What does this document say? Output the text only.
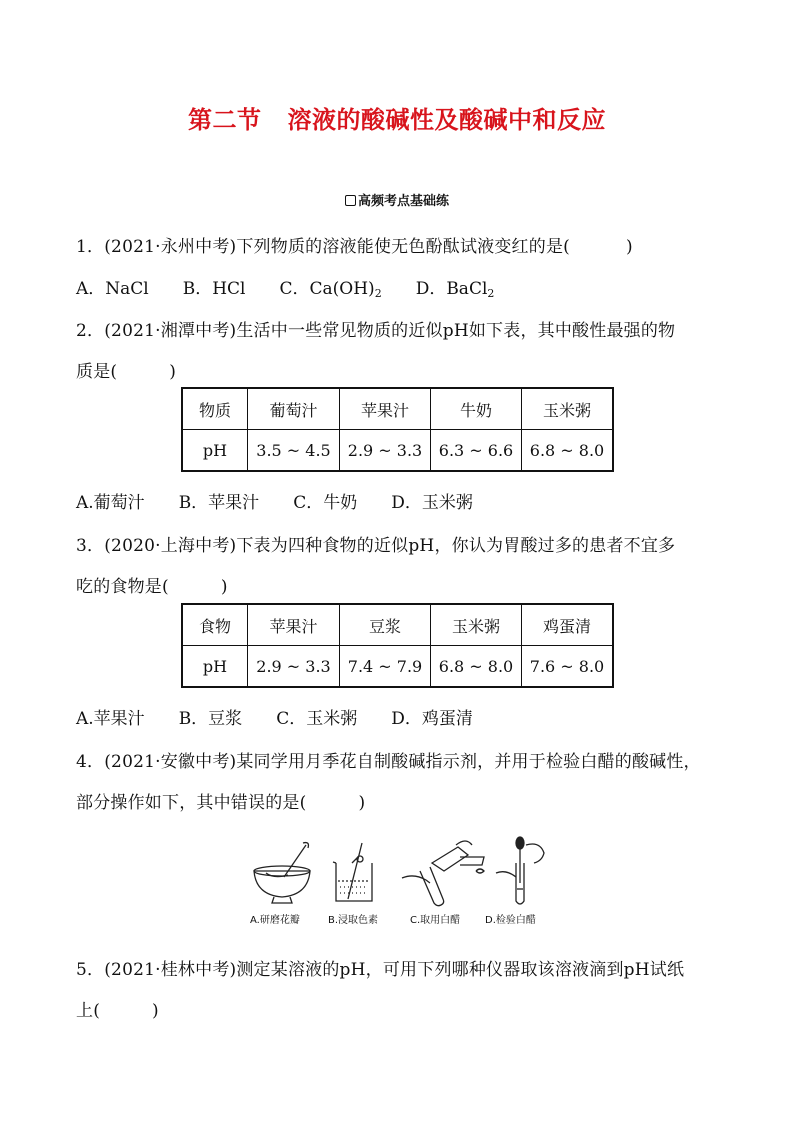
第二节 溶液的酸碱性及酸碱中和反应
高频考点基础练
1．(2021·永州中考)下列物质的溶液能使无色酚酞试液变红的是(	)
A．NaCl B．HCl C．$Ca(OH)_2$ D．BaCl$_2$
2．(2021·湘潭中考)生活中一些常见物质的近似pH如下表，其中酸性最强的物
质是(	)
物质	葡萄汁	苹果汁	牛奶	玉米粥
pH	3.5 ~ 4.5	2.9 ~ 3.3	6.3 ~ 6.6	6.8 ~ 8.0
A.葡萄汁 B．苹果汁 C．牛奶 D．玉米粥
3．(2020·上海中考)下表为四种食物的近似pH，你认为胃酸过多的患者不宜多
吃的食物是(	)
食物	苹果汁	豆浆	玉米粥	鸡蛋清
pH	2.9 ~ 3.3	7.4 ~ 7.9	6.8 ~ 8.0	7.6 ~ 8.0
A.苹果汁 B．豆浆 C．玉米粥 D．鸡蛋清
4．(2021·安徽中考)某同学用月季花自制酸碱指示剂，并用于检验白醋的酸碱性，
部分操作如下，其中错误的是(	)
A.研磨花瓣	B.浸取色素	C.取用白醋 D.检验白醋
5．(2021·桂林中考)测定某溶液的pH，可用下列哪种仪器取该溶液滴到pH试纸
上(	)
